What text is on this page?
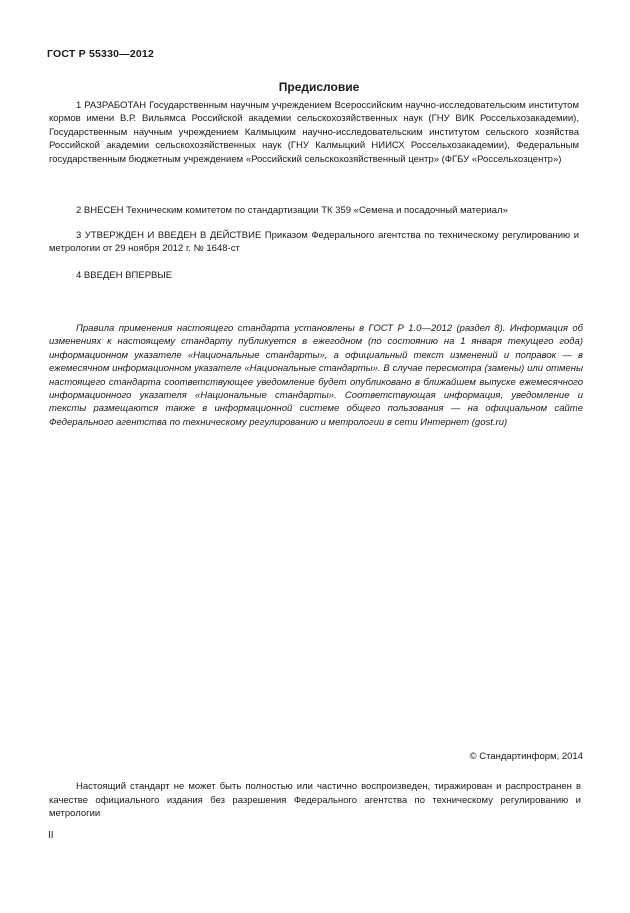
ГОСТ Р 55330—2012
Предисловие

1 РАЗРАБОТАН Государственным научным учреждением Всероссийским научно-исследовательским институтом кормов имени В.Р. Вильямса Российской академии сельскохозяйственных наук (ГНУ ВИК Россельхозакадемии), Государственным научным учреждением Калмыцким научно-исследовательским институтом сельского хозяйства Российской академии сельскохозяйственных наук (ГНУ Калмыцкий НИИСХ Россельхозакадемии), Федеральным государственным бюджетным учреждением «Российский сельскохозяйственный центр» (ФГБУ «Россельхозцентр»)

2 ВНЕСЕН Техническим комитетом по стандартизации ТК 359 «Семена и посадочный материал»

3 УТВЕРЖДЕН И ВВЕДЕН В ДЕЙСТВИЕ Приказом Федерального агентства по техническому регулированию и метрологии от 29 ноября 2012 г. № 1648-ст

4 ВВЕДЕН ВПЕРВЫЕ

Правила применения настоящего стандарта установлены в ГОСТ Р 1.0—2012 (раздел 8). Информация об изменениях к настоящему стандарту публикуется в ежегодном (по состоянию на 1 января текущего года) информационном указателе «Национальные стандарты», а официальный текст изменений и поправок — в ежемесячном информационном указателе «Национальные стандарты». В случае пересмотра (замены) или отмены настоящего стандарта соответствующее уведомление будет опубликовано в ближайшем выпуске ежемесячного информационного указателя «Национальные стандарты». Соответствующая информация, уведомление и тексты размещаются также в информационной системе общего пользования — на официальном сайте Федерального агентства по техническому регулированию и метрологии в сети Интернет (gost.ru)

© Стандартинформ, 2014

Настоящий стандарт не может быть полностью или частично воспроизведен, тиражирован и распространен в качестве официального издания без разрешения Федерального агентства по техническому регулированию и метрологии

II
